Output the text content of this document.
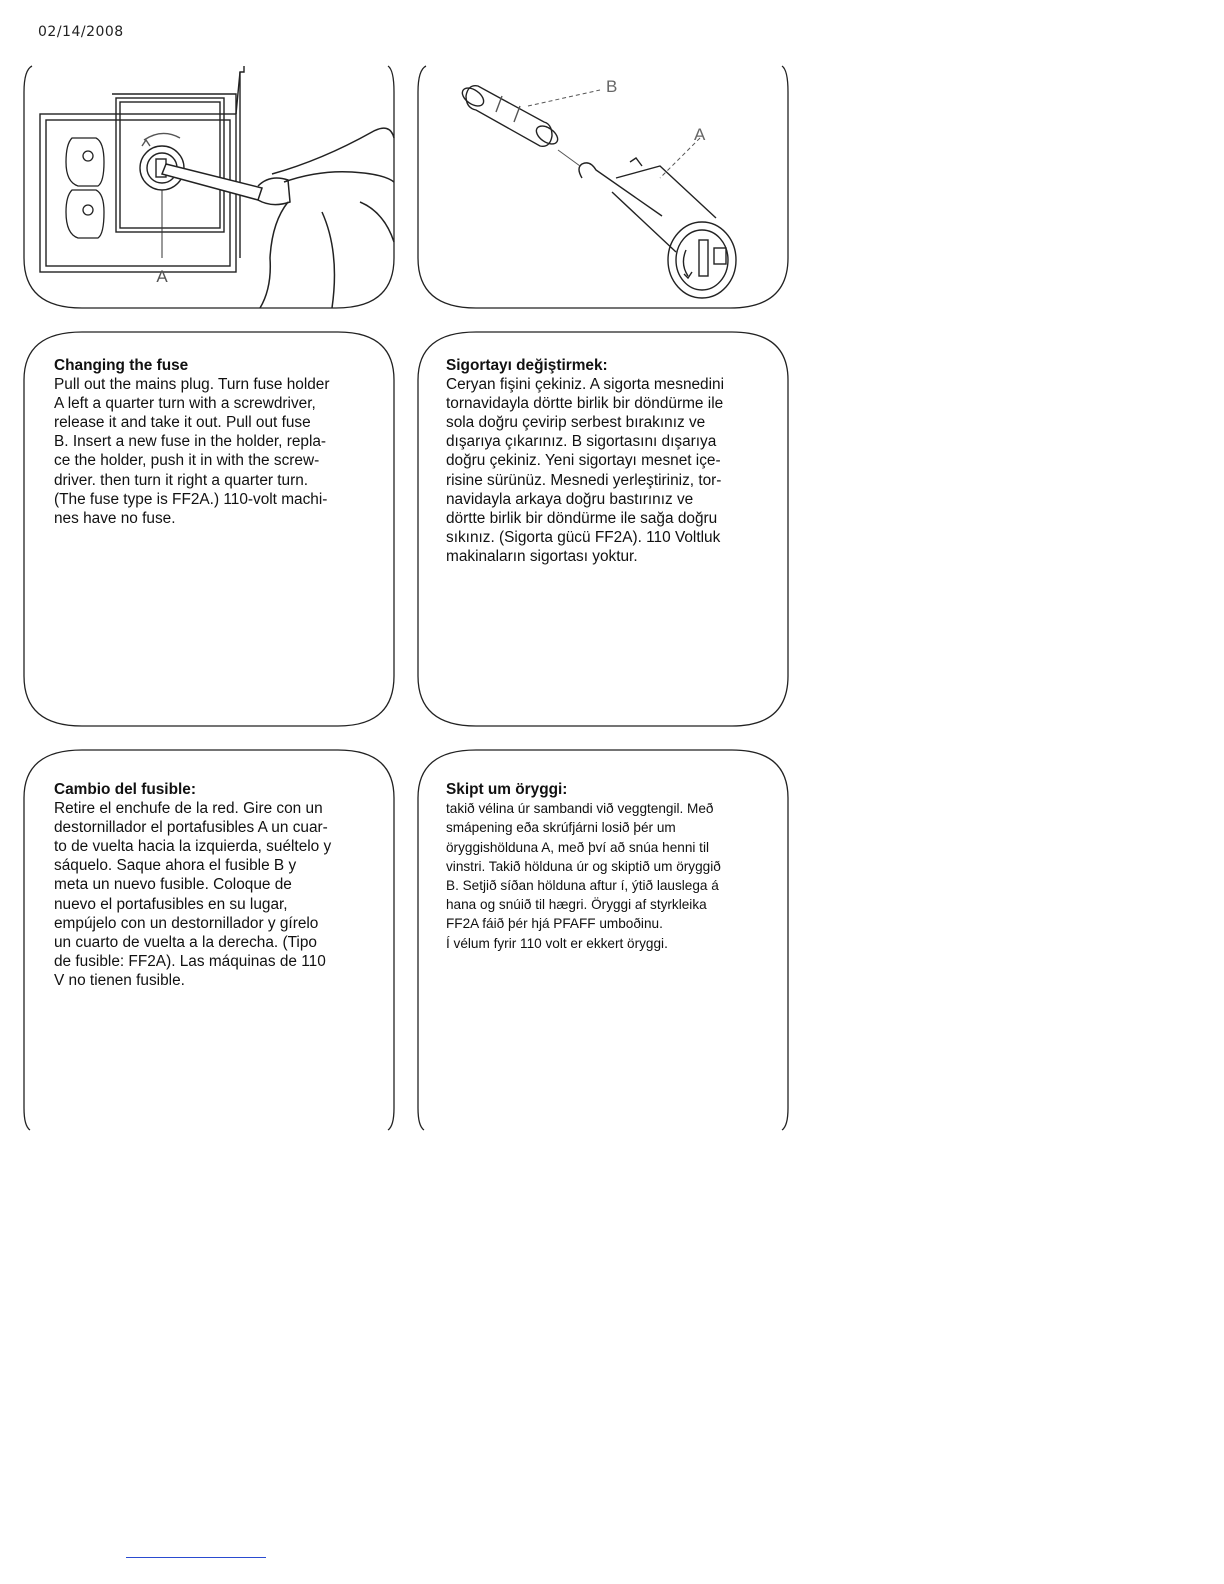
02/14/2008
A
B
A
Changing the fuse
Pull out the mains plug. Turn fuse holder
A left a quarter turn with a screwdriver,
release it and take it out. Pull out fuse
B. Insert a new fuse in the holder, repla-
ce the holder, push it in with the screw-
driver. then turn it right a quarter turn.
(The fuse type is FF2A.) 110-volt machi-
nes have no fuse.
Sigortayı değiştirmek:
Ceryan fişini çekiniz. A sigorta mesnedini
tornavidayla dörtte birlik bir döndürme ile
sola doğru çevirip serbest bırakınız ve
dışarıya çıkarınız. B sigortasını dışarıya
doğru çekiniz. Yeni sigortayı mesnet içe-
risine sürünüz. Mesnedi yerleştiriniz, tor-
navidayla arkaya doğru bastırınız ve
dörtte birlik bir döndürme ile sağa doğru
sıkınız. (Sigorta gücü FF2A). 110 Voltluk
makinaların sigortası yoktur.
Cambio del fusible:
Retire el enchufe de la red. Gire con un
destornillador el portafusibles A un cuar-
to de vuelta hacia la izquierda, suéltelo y
sáquelo. Saque ahora el fusible B y
meta un nuevo fusible. Coloque de
nuevo el portafusibles en su lugar,
empújelo con un destornillador y gírelo
un cuarto de vuelta a la derecha. (Tipo
de fusible: FF2A). Las máquinas de 110
V no tienen fusible.
Skipt um öryggi:
takið vélina úr sambandi við veggtengil. Með
smápening eða skrúfjárni losið þér um
öryggishölduna A, með því að snúa henni til
vinstri. Takið hölduna úr og skiptið um öryggið
B. Setjið síðan hölduna aftur í, ýtið lauslega á
hana og snúið til hægri. Öryggi af styrkleika
FF2A fáið þér hjá PFAFF umboðinu.
Í vélum fyrir 110 volt er ekkert öryggi.
